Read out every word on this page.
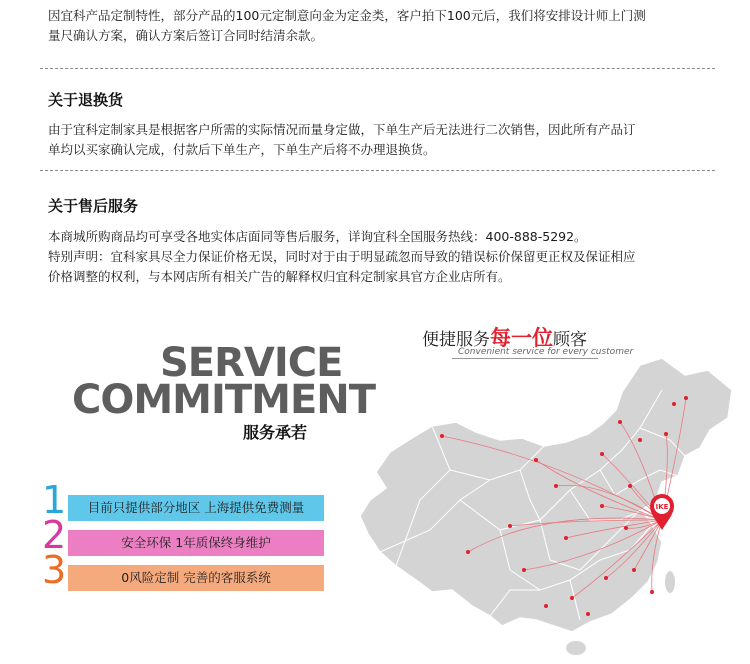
因宜科产品定制特性，部分产品的100元定制意向金为定金类，客户拍下100元后，我们将安排设计师上门测
量尺确认方案，确认方案后签订合同时结清余款。
关于退换货
由于宜科定制家具是根据客户所需的实际情况而量身定做，下单生产后无法进行二次销售，因此所有产品订
单均以买家确认完成，付款后下单生产，下单生产后将不办理退换货。
关于售后服务
本商城所购商品均可享受各地实体店面同等售后服务，详询宜科全国服务热线：400-888-5292。
特别声明：宜科家具尽全力保证价格无误，同时对于由于明显疏忽而导致的错误标价保留更正权及保证相应
价格调整的权利，与本网店所有相关广告的解释权归宜科定制家具官方企业店所有。
SERVICE
COMMITMENT
服务承若
1	目前只提供部分地区 上海提供免费测量
2	安全环保 1年质保终身维护
3	0风险定制 完善的客服系统
便捷服务每一位顾客
Convenient service for every customer
IKE
